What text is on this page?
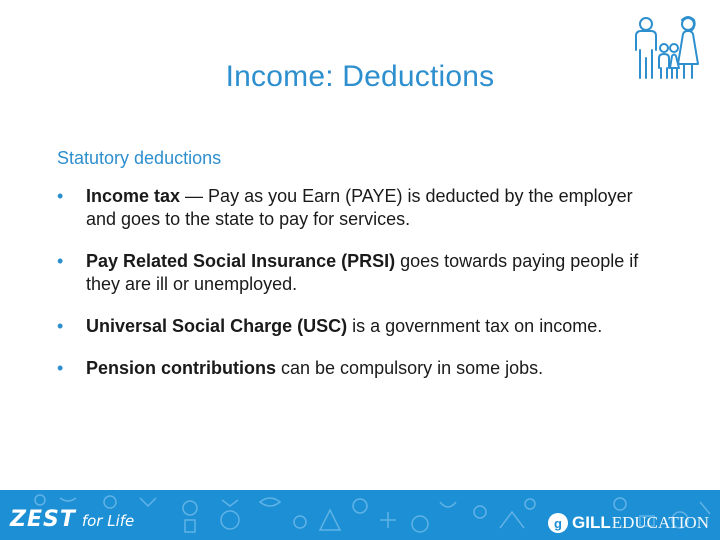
Income: Deductions
Statutory deductions
• Income tax — Pay as you Earn (PAYE) is deducted by the employer and goes to the state to pay for services.
• Pay Related Social Insurance (PRSI) goes towards paying people if they are ill or unemployed.
• Universal Social Charge (USC) is a government tax on income.
• Pension contributions can be compulsory in some jobs.
ZEST for Life	g GILL EDUCATION
